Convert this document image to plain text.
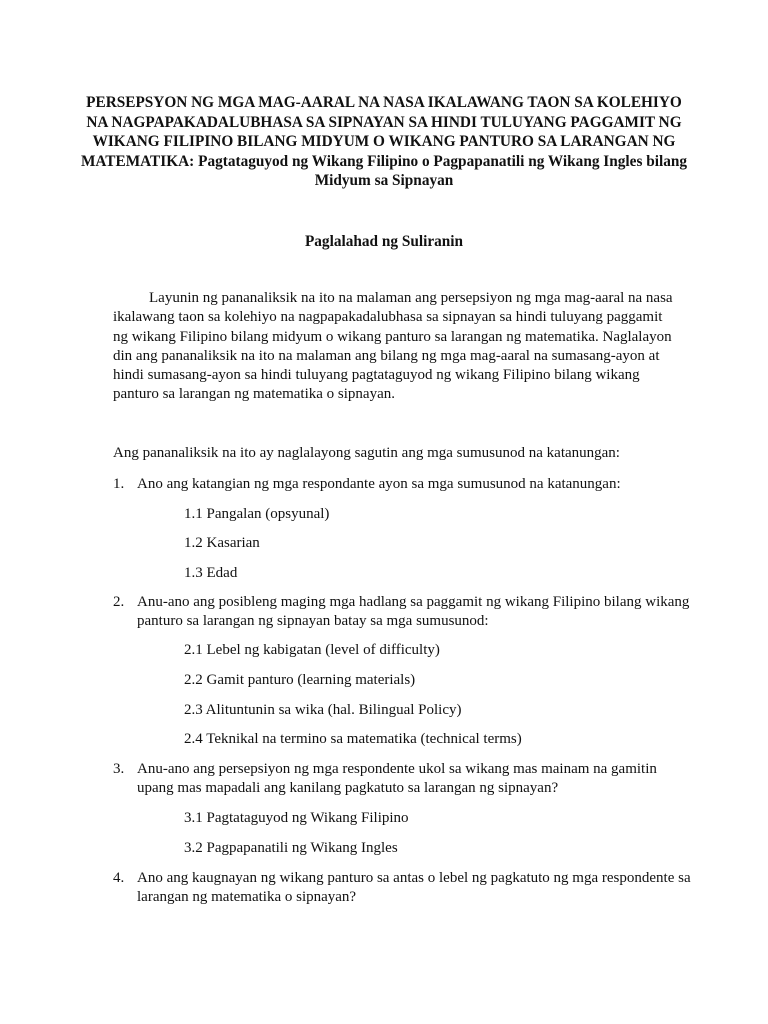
PERSEPSYON NG MGA MAG-AARAL NA NASA IKALAWANG TAON SA KOLEHIYO NA NAGPAPAKADALUBHASA SA SIPNAYAN SA HINDI TULUYANG PAGGAMIT NG WIKANG FILIPINO BILANG MIDYUM O WIKANG PANTURO SA LARANGAN NG MATEMATIKA: Pagtataguyod ng Wikang Filipino o Pagpapanatili ng Wikang Ingles bilang Midyum sa Sipnayan

Paglalahad ng Suliranin

Layunin ng pananaliksik na ito na malaman ang persepsiyon ng mga mag-aaral na nasa ikalawang taon sa kolehiyo na nagpapakadalubhasa sa sipnayan sa hindi tuluyang paggamit ng wikang Filipino bilang midyum o wikang panturo sa larangan ng matematika. Naglalayon din ang pananaliksik na ito na malaman ang bilang ng mga mag-aaral na sumasang-ayon at hindi sumasang-ayon sa hindi tuluyang pagtataguyod ng wikang Filipino bilang wikang panturo sa larangan ng matematika o sipnayan.

Ang pananaliksik na ito ay naglalayong sagutin ang mga sumusunod na katanungan:

1. Ano ang katangian ng mga respondante ayon sa mga sumusunod na katanungan:

1.1 Pangalan (opsyunal)

1.2 Kasarian

1.3 Edad

2. Anu-ano ang posibleng maging mga hadlang sa paggamit ng wikang Filipino bilang wikang panturo sa larangan ng sipnayan batay sa mga sumusunod:

2.1 Lebel ng kabigatan (level of difficulty)

2.2 Gamit panturo (learning materials)

2.3 Alituntunin sa wika (hal. Bilingual Policy)

2.4 Teknikal na termino sa matematika (technical terms)

3. Anu-ano ang persepsiyon ng mga respondente ukol sa wikang mas mainam na gamitin upang mas mapadali ang kanilang pagkatuto sa larangan ng sipnayan?

3.1 Pagtataguyod ng Wikang Filipino

3.2 Pagpapanatili ng Wikang Ingles

4. Ano ang kaugnayan ng wikang panturo sa antas o lebel ng pagkatuto ng mga respondente sa larangan ng matematika o sipnayan?
